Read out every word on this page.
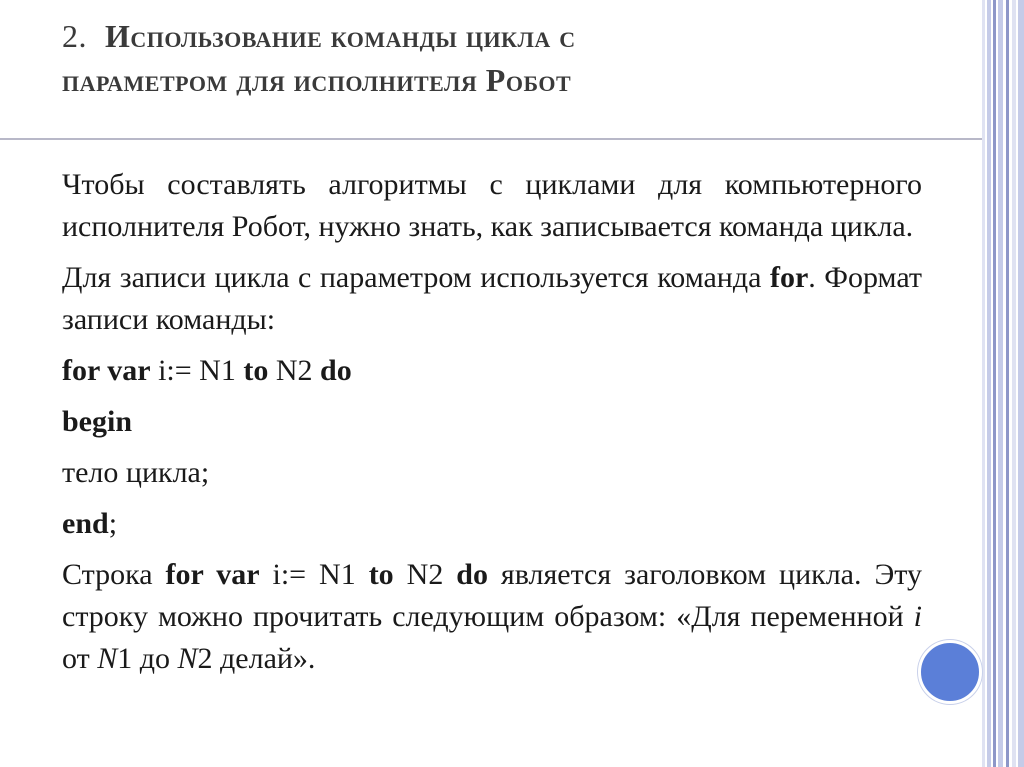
2. Использование команды цикла с
параметром для исполнителя Робот

Чтобы составлять алгоритмы с циклами для компьютерного исполнителя Робот, нужно знать, как записывается команда цикла.

Для записи цикла с параметром используется команда for. Формат записи команды:

for var i:= N1 to N2 do
begin
тело цикла;
end;

Строка for var i:= N1 to N2 do является заголовком цикла. Эту строку можно прочитать следующим образом: «Для переменной i от N1 до N2 делай».
